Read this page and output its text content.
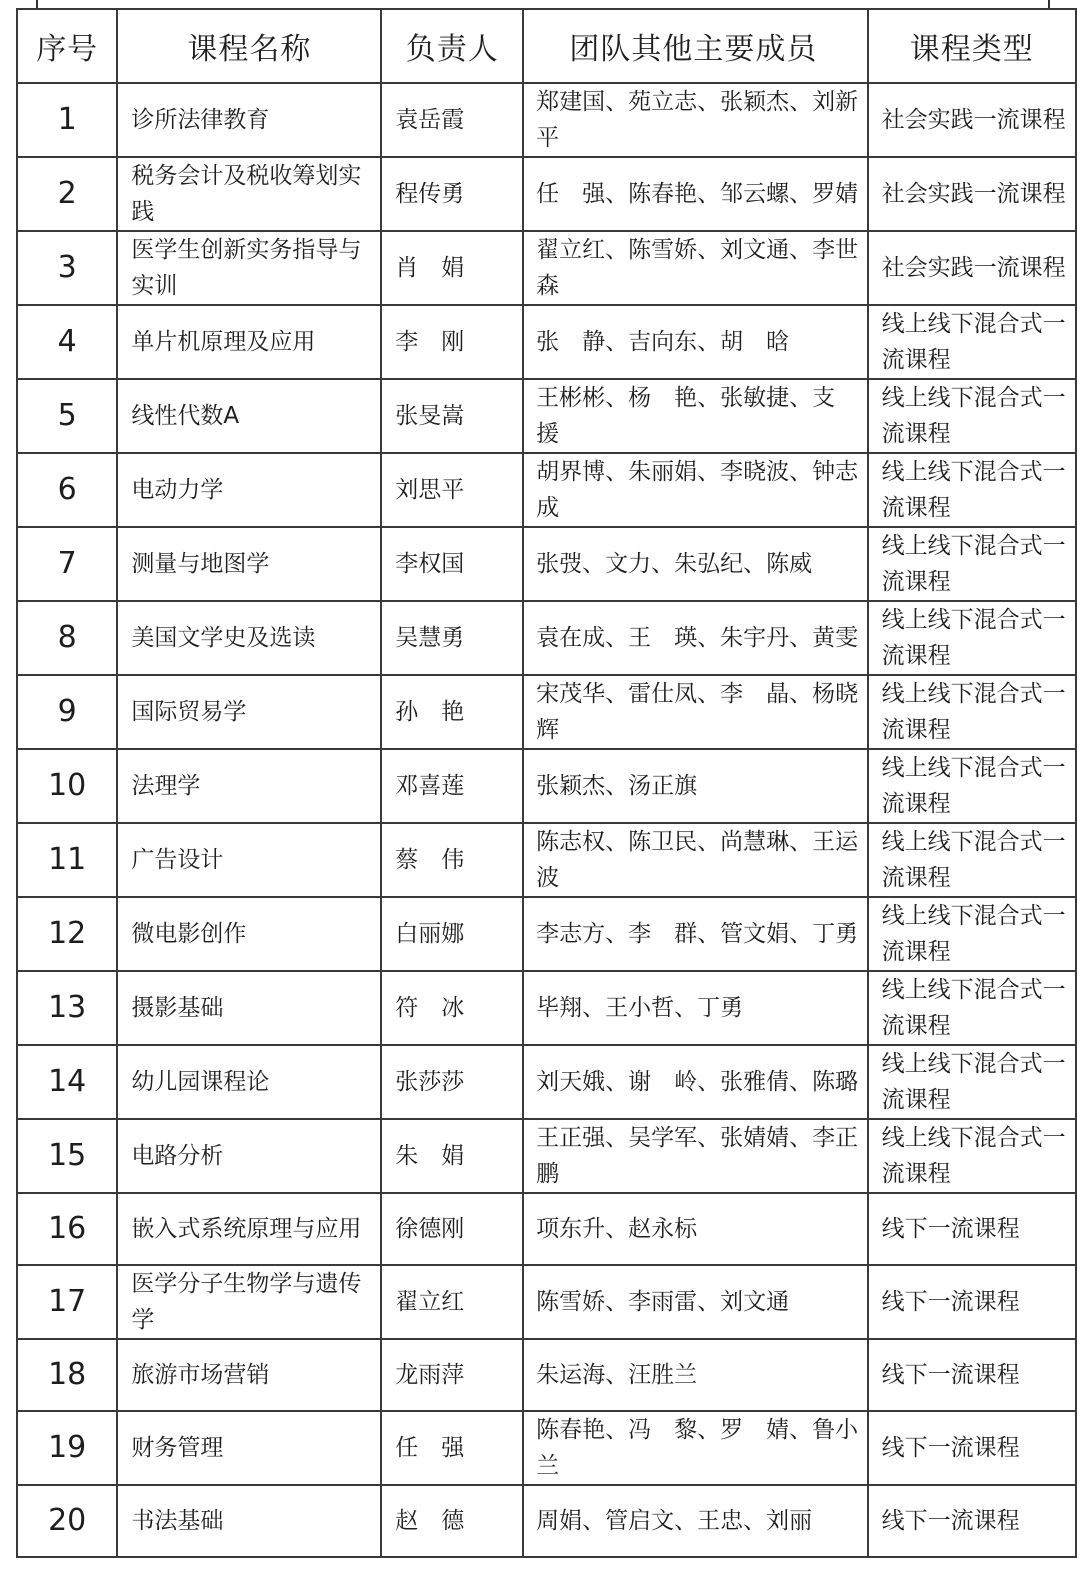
序号	课程名称	负责人	团队其他主要成员	课程类型

1	诊所法律教育	袁岳霞	郑建国、苑立志、张颖杰、刘新平	社会实践一流课程

2	税务会计及税收筹划实践	程传勇	任　强、陈春艳、邹云螺、罗婧	社会实践一流课程

3	医学生创新实务指导与实训	肖　娟	翟立红、陈雪娇、刘文通、李世森	社会实践一流课程

4	单片机原理及应用	李　刚	张　静、吉向东、胡　晗	线上线下混合式一流课程

5	线性代数A	张旻嵩	王彬彬、杨　艳、张敏捷、支　援	线上线下混合式一流课程

6	电动力学	刘思平	胡界博、朱丽娟、李晓波、钟志成	线上线下混合式一流课程

7	测量与地图学	李权国	张弢、文力、朱弘纪、陈威	线上线下混合式一流课程

8	美国文学史及选读	吴慧勇	袁在成、王　瑛、朱宇丹、黄雯	线上线下混合式一流课程

9	国际贸易学	孙　艳	宋茂华、雷仕凤、李　晶、杨晓辉	线上线下混合式一流课程

10	法理学	邓喜莲	张颖杰、汤正旗	线上线下混合式一流课程

11	广告设计	蔡　伟	陈志权、陈卫民、尚慧琳、王运波	线上线下混合式一流课程

12	微电影创作	白丽娜	李志方、李　群、管文娟、丁勇	线上线下混合式一流课程

13	摄影基础	符　冰	毕翔、王小哲、丁勇	线上线下混合式一流课程

14	幼儿园课程论	张莎莎	刘天娥、谢　岭、张雅倩、陈璐	线上线下混合式一流课程

15	电路分析	朱　娟	王正强、吴学军、张婧婧、李正鹏	线上线下混合式一流课程

16	嵌入式系统原理与应用	徐德刚	项东升、赵永标	线下一流课程

17	医学分子生物学与遗传学	翟立红	陈雪娇、李雨雷、刘文通	线下一流课程

18	旅游市场营销	龙雨萍	朱运海、汪胜兰	线下一流课程

19	财务管理	任　强	陈春艳、冯　黎、罗　婧、鲁小兰	线下一流课程

20	书法基础	赵　德	周娟、管启文、王忠、刘丽	线下一流课程
